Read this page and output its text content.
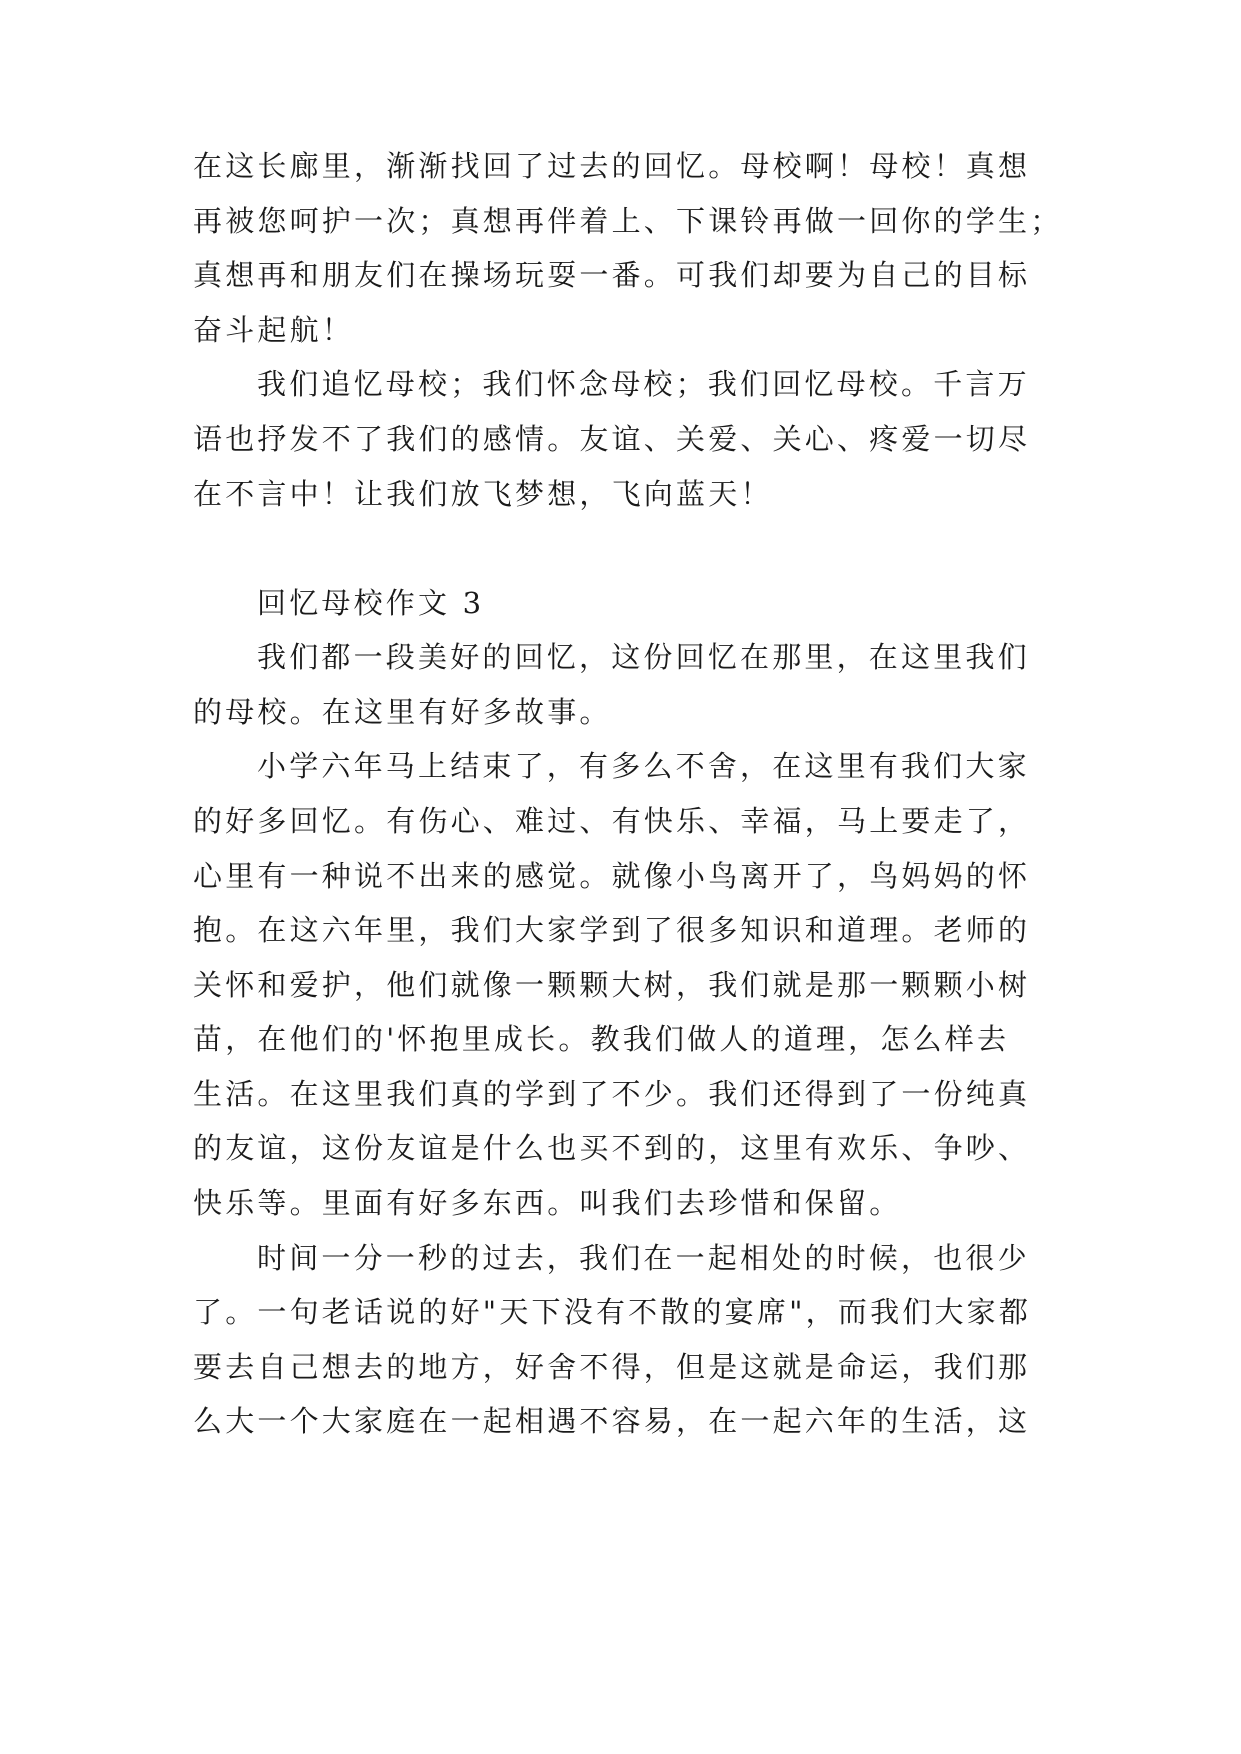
在这长廊里，渐渐找回了过去的回忆。母校啊！母校！真想
再被您呵护一次；真想再伴着上、下课铃再做一回你的学生；
真想再和朋友们在操场玩耍一番。可我们却要为自己的目标
奋斗起航！
我们追忆母校；我们怀念母校；我们回忆母校。千言万
语也抒发不了我们的感情。友谊、关爱、关心、疼爱一切尽
在不言中！让我们放飞梦想，飞向蓝天！
回忆母校作文 3
我们都一段美好的回忆，这份回忆在那里，在这里我们
的母校。在这里有好多故事。
小学六年马上结束了，有多么不舍，在这里有我们大家
的好多回忆。有伤心、难过、有快乐、幸福，马上要走了，
心里有一种说不出来的感觉。就像小鸟离开了，鸟妈妈的怀
抱。在这六年里，我们大家学到了很多知识和道理。老师的
关怀和爱护，他们就像一颗颗大树，我们就是那一颗颗小树
苗，在他们的'怀抱里成长。教我们做人的道理，怎么样去
生活。在这里我们真的学到了不少。我们还得到了一份纯真
的友谊，这份友谊是什么也买不到的，这里有欢乐、争吵、
快乐等。里面有好多东西。叫我们去珍惜和保留。
时间一分一秒的过去，我们在一起相处的时候，也很少
了。一句老话说的好"天下没有不散的宴席"，而我们大家都
要去自己想去的地方，好舍不得，但是这就是命运，我们那
么大一个大家庭在一起相遇不容易，在一起六年的生活，这
